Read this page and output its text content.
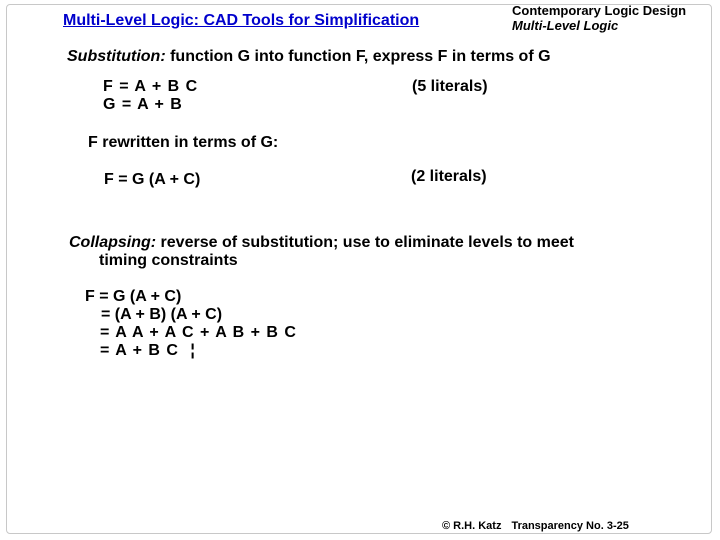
Multi-Level Logic: CAD Tools for Simplification
Contemporary Logic Design
Multi-Level Logic
Substitution: function G into function F, express F in terms of G
F = A + B C
G = A + B
(5 literals)
F rewritten in terms of G:
F = G (A + C)	(2 literals)
Collapsing: reverse of substitution; use to eliminate levels to meet
timing constraints
F = G (A + C)
= (A + B) (A + C)
= A A + A C + A B + B C
= A + B C ¦
© R.H. Katz Transparency No. 3-25
